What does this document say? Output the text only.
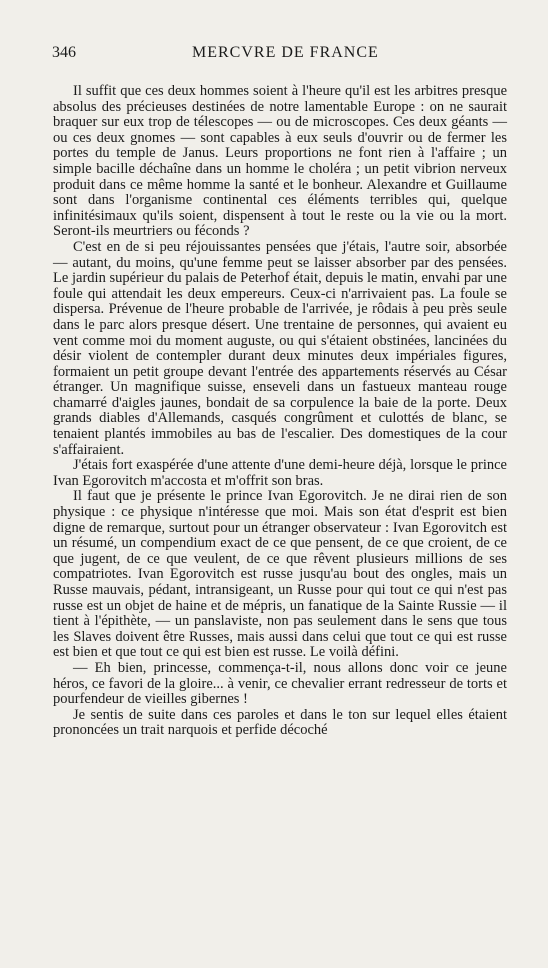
346	MERCVRE DE FRANCE

Il suffit que ces deux hommes soient à l'heure qu'il est les arbitres presque absolus des précieuses destinées de notre lamentable Europe : on ne saurait braquer sur eux trop de télescopes — ou de microscopes. Ces deux géants — ou ces deux gnomes — sont capables à eux seuls d'ouvrir ou de fermer les portes du temple de Janus. Leurs proportions ne font rien à l'affaire ; un simple bacille déchaîne dans un homme le choléra ; un petit vibrion nerveux produit dans ce même homme la santé et le bonheur. Alexandre et Guillaume sont dans l'organisme continental ces éléments terribles qui, quelque infinitésimaux qu'ils soient, dispensent à tout le reste ou la vie ou la mort. Seront-ils meurtriers ou féconds ?

C'est en de si peu réjouissantes pensées que j'étais, l'autre soir, absorbée — autant, du moins, qu'une femme peut se laisser absorber par des pensées. Le jardin supérieur du palais de Peterhof était, depuis le matin, envahi par une foule qui attendait les deux empereurs. Ceux-ci n'arrivaient pas. La foule se dispersa. Prévenue de l'heure probable de l'arrivée, je rôdais à peu près seule dans le parc alors presque désert. Une trentaine de personnes, qui avaient eu vent comme moi du moment auguste, ou qui s'étaient obstinées, lancinées du désir violent de contempler durant deux minutes deux impériales figures, formaient un petit groupe devant l'entrée des appartements réservés au César étranger. Un magnifique suisse, enseveli dans un fastueux manteau rouge chamarré d'aigles jaunes, bondait de sa corpulence la baie de la porte. Deux grands diables d'Allemands, casqués congrûment et culottés de blanc, se tenaient plantés immobiles au bas de l'escalier. Des domestiques de la cour s'affairaient.

J'étais fort exaspérée d'une attente d'une demi-heure déjà, lorsque le prince Ivan Egorovitch m'accosta et m'offrit son bras.

Il faut que je présente le prince Ivan Egorovitch. Je ne dirai rien de son physique : ce physique n'intéresse que moi. Mais son état d'esprit est bien digne de remarque, surtout pour un étranger observateur : Ivan Egorovitch est un résumé, un compendium exact de ce que pensent, de ce que croient, de ce que jugent, de ce que veulent, de ce que rêvent plusieurs millions de ses compatriotes. Ivan Egorovitch est russe jusqu'au bout des ongles, mais un Russe mauvais, pédant, intransigeant, un Russe pour qui tout ce qui n'est pas russe est un objet de haine et de mépris, un fanatique de la Sainte Russie — il tient à l'épithète, — un panslaviste, non pas seulement dans le sens que tous les Slaves doivent être Russes, mais aussi dans celui que tout ce qui est russe est bien et que tout ce qui est bien est russe. Le voilà défini.

— Eh bien, princesse, commença-t-il, nous allons donc voir ce jeune héros, ce favori de la gloire... à venir, ce chevalier errant redresseur de torts et pourfendeur de vieilles gibernes !

Je sentis de suite dans ces paroles et dans le ton sur lequel elles étaient prononcées un trait narquois et perfide décoché
